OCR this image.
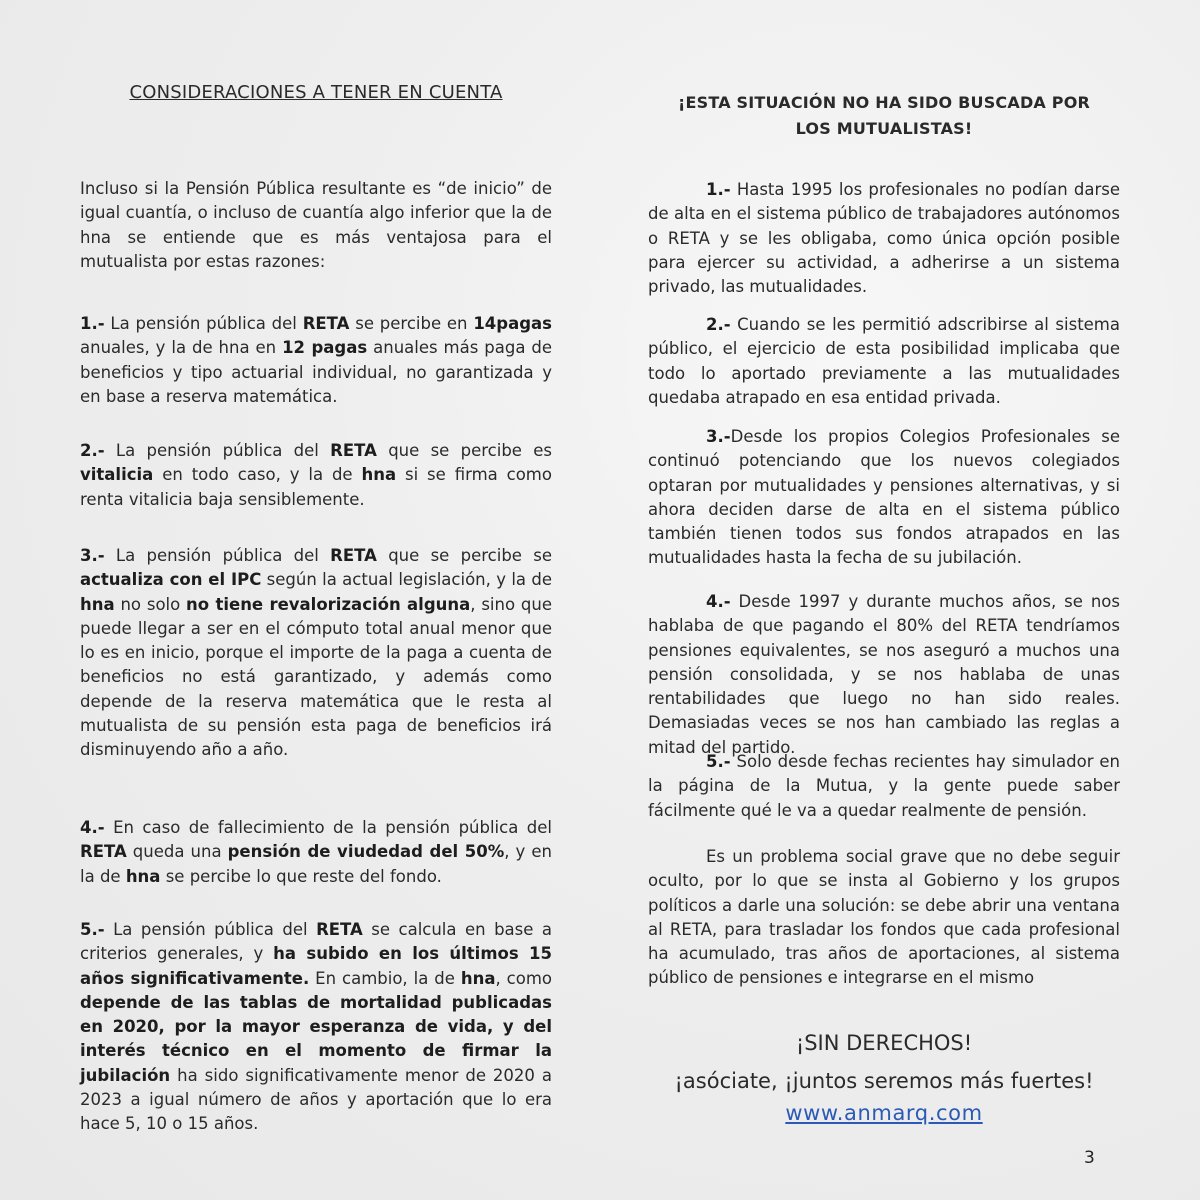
CONSIDERACIONES A TENER EN CUENTA

Incluso si la Pensión Pública resultante es “de inicio” de igual cuantía, o incluso de cuantía algo inferior que la de hna se entiende que es más ventajosa para el mutualista por estas razones:

1.- La pensión pública del RETA se percibe en 14pagas anuales, y la de hna en 12 pagas anuales más paga de beneficios y tipo actuarial individual, no garantizada y en base a reserva matemática.

2.- La pensión pública del RETA que se percibe es vitalicia en todo caso, y la de hna si se firma como renta vitalicia baja sensiblemente.

3.- La pensión pública del RETA que se percibe se actualiza con el IPC según la actual legislación, y la de hna no solo no tiene revalorización alguna, sino que puede llegar a ser en el cómputo total anual menor que lo es en inicio, porque el importe de la paga a cuenta de beneficios no está garantizado, y además como depende de la reserva matemática que le resta al mutualista de su pensión esta paga de beneficios irá disminuyendo año a año.

4.- En caso de fallecimiento de la pensión pública del RETA queda una pensión de viudedad del 50%, y en la de hna se percibe lo que reste del fondo.

5.- La pensión pública del RETA se calcula en base a criterios generales, y ha subido en los últimos 15 años significativamente. En cambio, la de hna, como depende de las tablas de mortalidad publicadas en 2020, por la mayor esperanza de vida, y del interés técnico en el momento de firmar la jubilación ha sido significativamente menor de 2020 a 2023 a igual número de años y aportación que lo era hace 5, 10 o 15 años.

¡ESTA SITUACIÓN NO HA SIDO BUSCADA POR
LOS MUTUALISTAS!

1.- Hasta 1995 los profesionales no podían darse de alta en el sistema público de trabajadores autónomos o RETA y se les obligaba, como única opción posible para ejercer su actividad, a adherirse a un sistema privado, las mutualidades.

2.- Cuando se les permitió adscribirse al sistema público, el ejercicio de esta posibilidad implicaba que todo lo aportado previamente a las mutualidades quedaba atrapado en esa entidad privada.

3.-Desde los propios Colegios Profesionales se continuó potenciando que los nuevos colegiados optaran por mutualidades y pensiones alternativas, y si ahora deciden darse de alta en el sistema público también tienen todos sus fondos atrapados en las mutualidades hasta la fecha de su jubilación.

4.- Desde 1997 y durante muchos años, se nos hablaba de que pagando el 80% del RETA tendríamos pensiones equivalentes, se nos aseguró a muchos una pensión consolidada, y se nos hablaba de unas rentabilidades que luego no han sido reales. Demasiadas veces se nos han cambiado las reglas a mitad del partido.

5.- Solo desde fechas recientes hay simulador en la página de la Mutua, y la gente puede saber fácilmente qué le va a quedar realmente de pensión.

Es un problema social grave que no debe seguir oculto, por lo que se insta al Gobierno y los grupos políticos a darle una solución: se debe abrir una ventana al RETA, para trasladar los fondos que cada profesional ha acumulado, tras años de aportaciones, al sistema público de pensiones e integrarse en el mismo

¡SIN DERECHOS!
¡asóciate, ¡juntos seremos más fuertes!
www.anmarq.com
3
